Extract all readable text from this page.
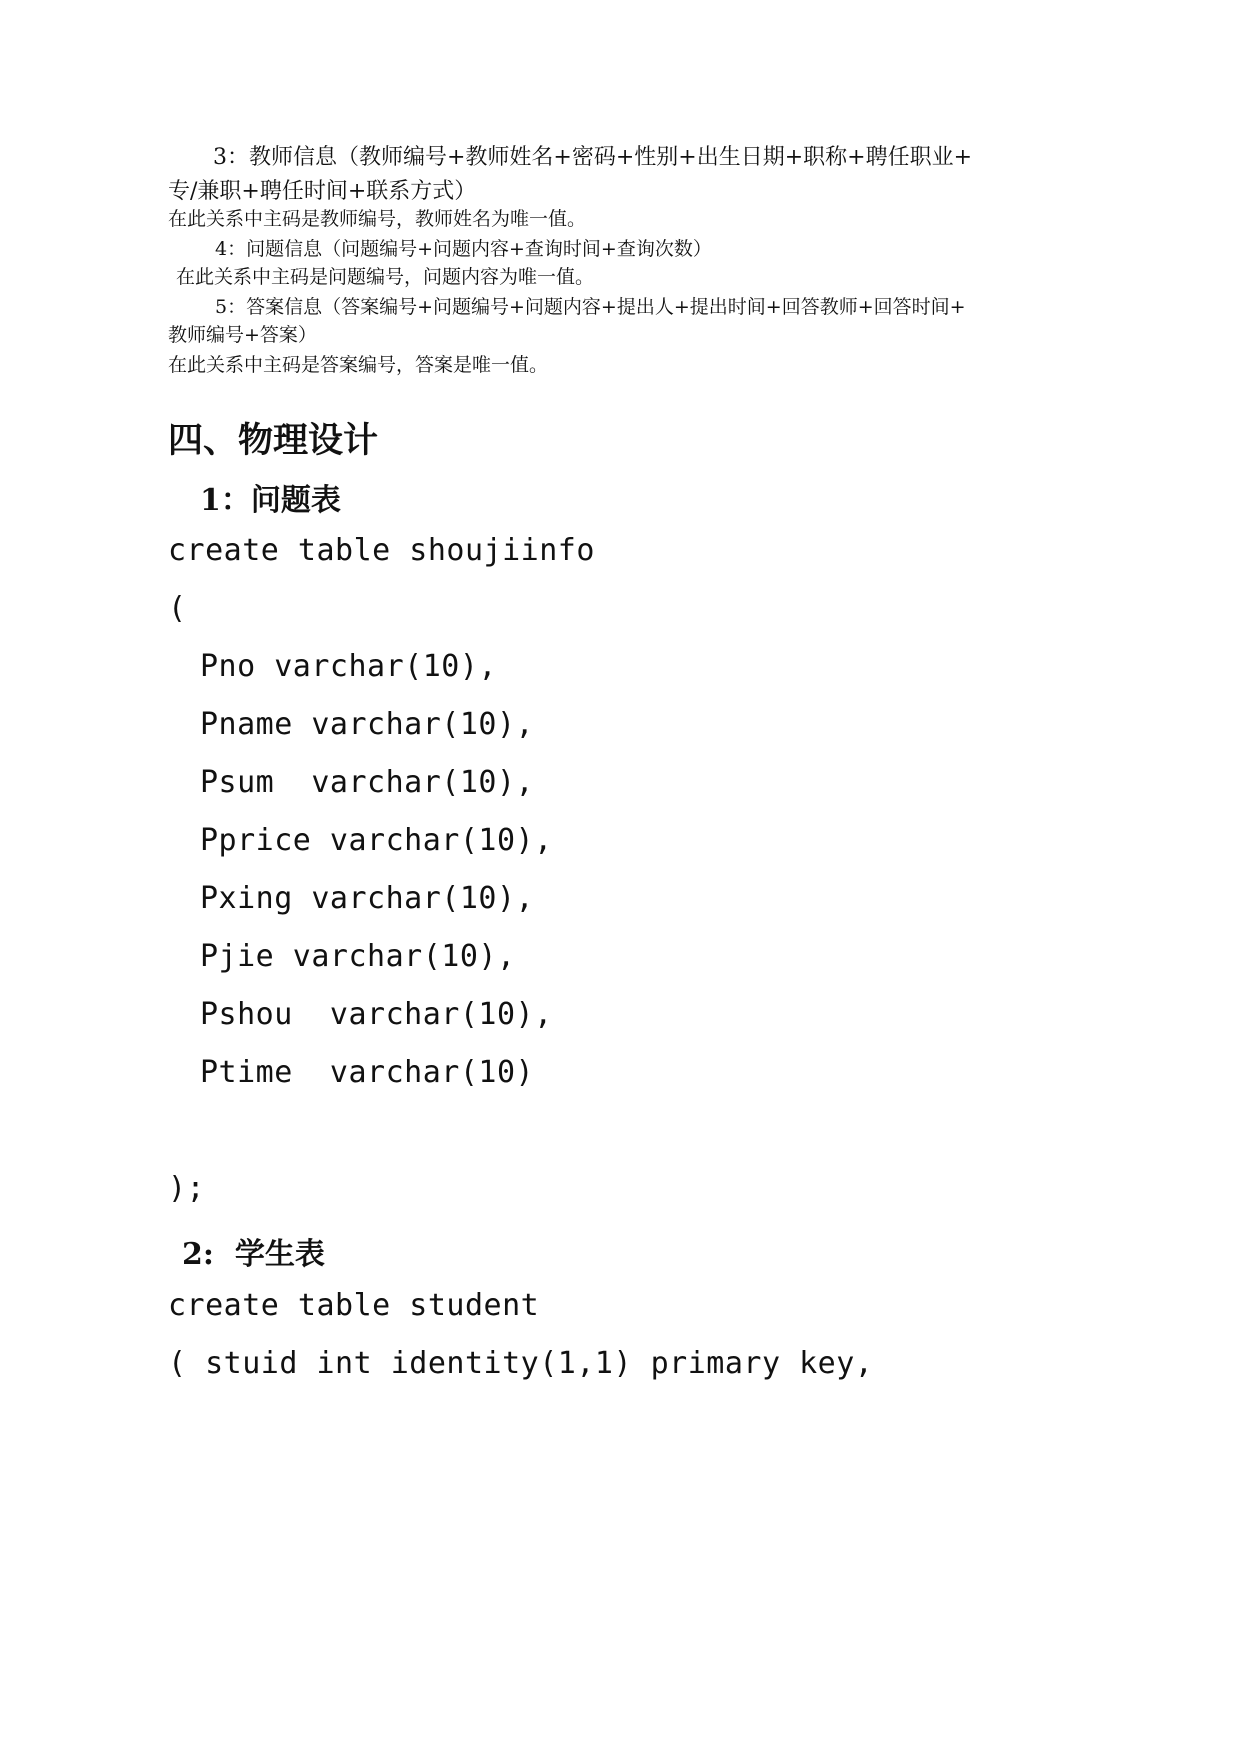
3：教师信息（教师编号+教师姓名+密码+性别+出生日期+职称+聘任职业+
专/兼职+聘任时间+联系方式）
在此关系中主码是教师编号，教师姓名为唯一值。
4：问题信息（问题编号+问题内容+查询时间+查询次数）
在此关系中主码是问题编号，问题内容为唯一值。
5：答案信息（答案编号+问题编号+问题内容+提出人+提出时间+回答教师+回答时间+
教师编号+答案）
在此关系中主码是答案编号，答案是唯一值。
四、物理设计
1：问题表
create table shoujiinfo
(
Pno varchar(10),
Pname varchar(10),
Psum  varchar(10),
Pprice varchar(10),
Pxing varchar(10),
Pjie varchar(10),
Pshou  varchar(10),
Ptime  varchar(10)
);
2:  学生表
create table student
( stuid int identity(1,1) primary key,
